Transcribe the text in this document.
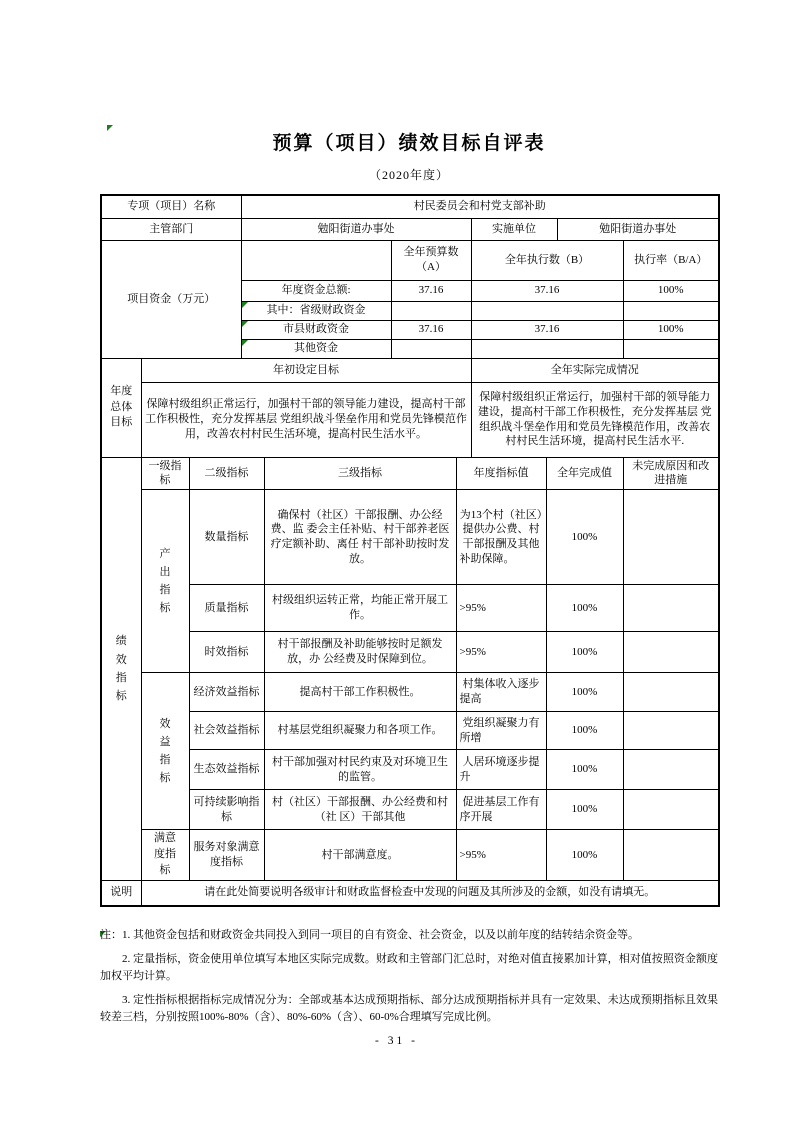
预算（项目）绩效目标自评表
（2020年度）
专项（项目）名称			村民委员会和村党支部补助							
主管部门			勉阳街道办事处				实施单位		勉阳街道办事处	
项目资金（万元）					全年预算数（A）		全年执行数（B）			执行率（B/A）
			年度资金总额:		37.16		37.16			100%

其中：省级财政资金							

市县财政资金		37.16		37.16			100%

其他资金							
年度总体目标	年初设定目标						全年实际完成情况			
	保障村级组织正常运行，加强村干部的领导能力建设，提高村干部工作积极性，充分发挥基层 党组织战斗堡垒作用和党员先锋模范作用，改善农村村民生活环境，提高村民生活水平。						保障村级组织正常运行，加强村干部的领导能力建设，提高村干部工作积极性，充分发挥基层 党组织战斗堡垒作用和党员先锋模范作用，改善农村村民生活环境，提高村民生活水平.			
绩效指标	一级指标	二级指标		三级指标		年度指标值		全年完成值		未完成原因和改进措施
	产出指标	数量指标		确保村（社区）干部报酬、办公经费、监 委会主任补贴、村干部养老医疗定额补助、离任 村干部补助按时发放。		为13个村（社区）提供办公费、村干部报酬及其他补助保障。		100%		
		质量指标		村级组织运转正常，均能正常开展工作。		>95%		100%		
		时效指标		村干部报酬及补助能够按时足额发放，办 公经费及时保障到位。		>95%		100%		
	效益指标	经济效益指标		提高村干部工作积极性。		村集体收入逐步提高		100%		
		社会效益指标		村基层党组织凝聚力和各项工作。		党组织凝聚力有所增		100%		
		生态效益指标		村干部加强对村民约束及对环境卫生的监管。		人居环境逐步提升		100%		
		可持续影响指标		村（社区）干部报酬、办公经费和村（社 区）干部其他		促进基层工作有序开展		100%		
	满意度指标	服务对象满意度指标		村干部满意度。		>95%		100%		
说明	请在此处简要说明各级审计和财政监督检查中发现的问题及其所涉及的金额，如没有请填无。									

注：1. 其他资金包括和财政资金共同投入到同一项目的自有资金、社会资金，以及以前年度的结转结余资金等。

2. 定量指标，资金使用单位填写本地区实际完成数。财政和主管部门汇总时，对绝对值直接累加计算，相对值按照资金额度加权平均计算。

3. 定性指标根据指标完成情况分为：全部或基本达成预期指标、部分达成预期指标并具有一定效果、未达成预期指标且效果较差三档，分别按照100%-80%（含）、80%-60%（含）、60-0%合理填写完成比例。

- 31 -
